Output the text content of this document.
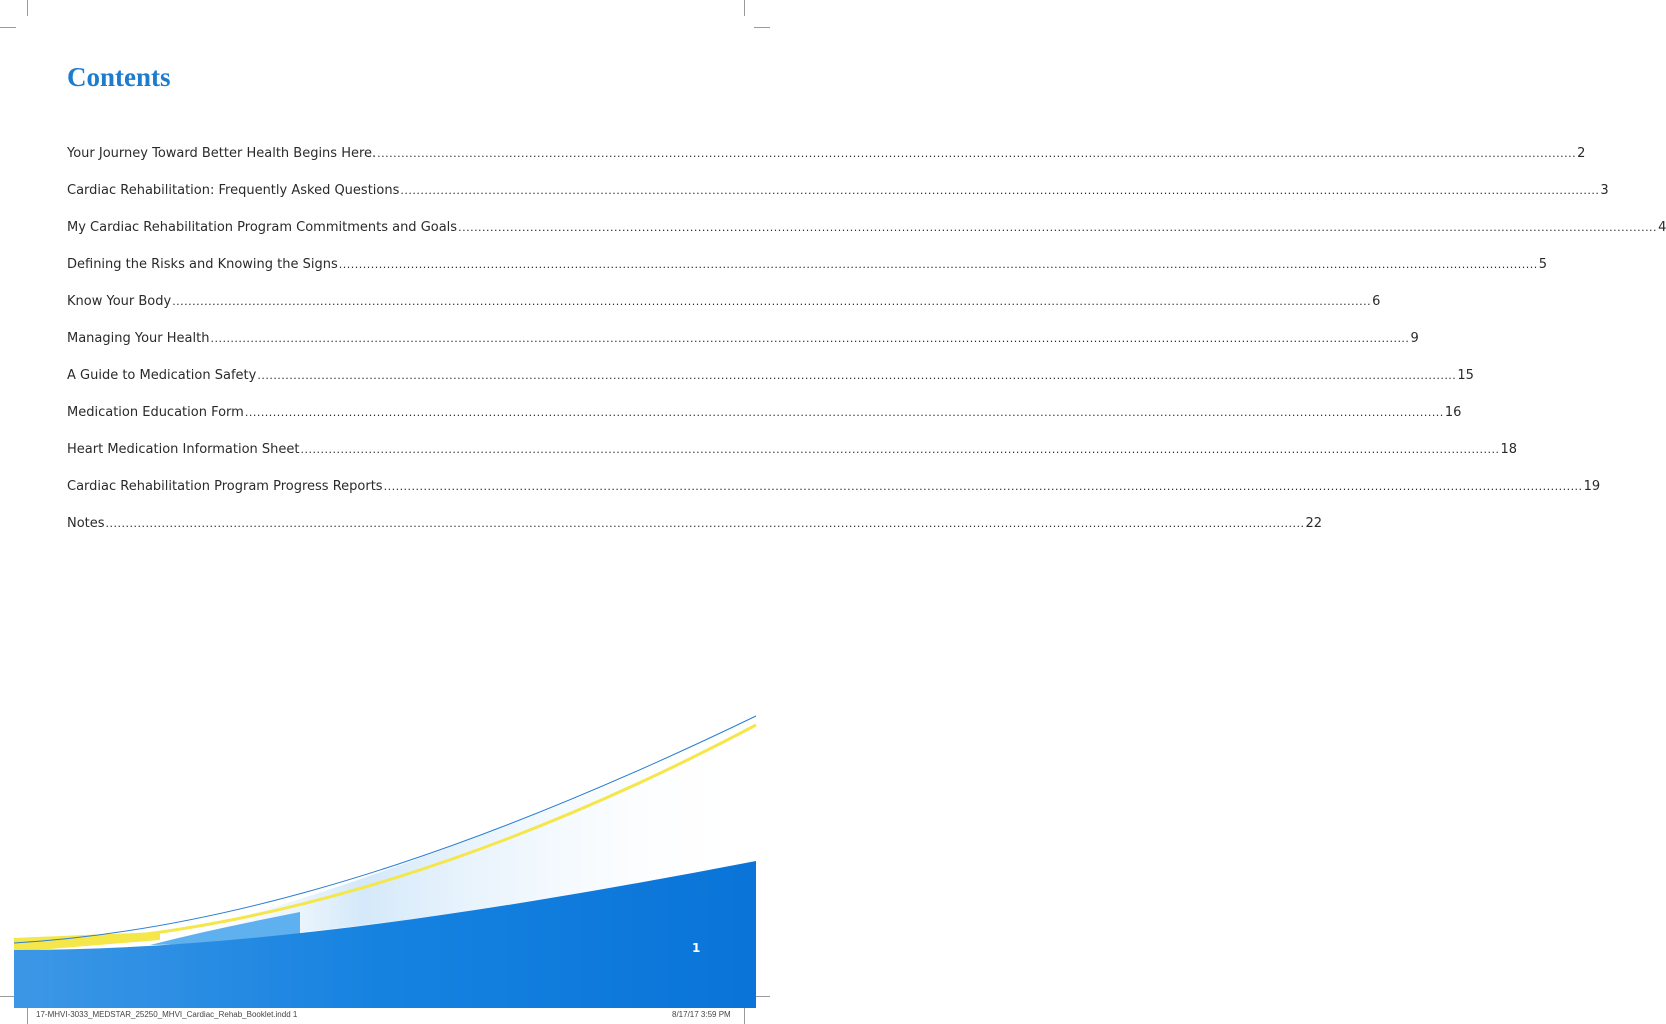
Contents
Your Journey Toward Better Health Begins Here. ............................................................................................................................................................................................................................................................................................................ 2
Cardiac Rehabilitation: Frequently Asked Questions ............................................................................................................................................................................................................................................................................................................ 3
My Cardiac Rehabilitation Program Commitments and Goals ............................................................................................................................................................................................................................................................................................................ 4
Defining the Risks and Knowing the Signs ............................................................................................................................................................................................................................................................................................................ 5
Know Your Body ............................................................................................................................................................................................................................................................................................................ 6
Managing Your Health ............................................................................................................................................................................................................................................................................................................ 9
A Guide to Medication Safety ............................................................................................................................................................................................................................................................................................................ 15
Medication Education Form ............................................................................................................................................................................................................................................................................................................ 16
Heart Medication Information Sheet ............................................................................................................................................................................................................................................................................................................ 18
Cardiac Rehabilitation Program Progress Reports ............................................................................................................................................................................................................................................................................................................ 19
Notes ............................................................................................................................................................................................................................................................................................................ 22
1
17-MHVI-3033_MEDSTAR_25250_MHVI_Cardiac_Rehab_Booklet.indd 1	8/17/17 3:59 PM
